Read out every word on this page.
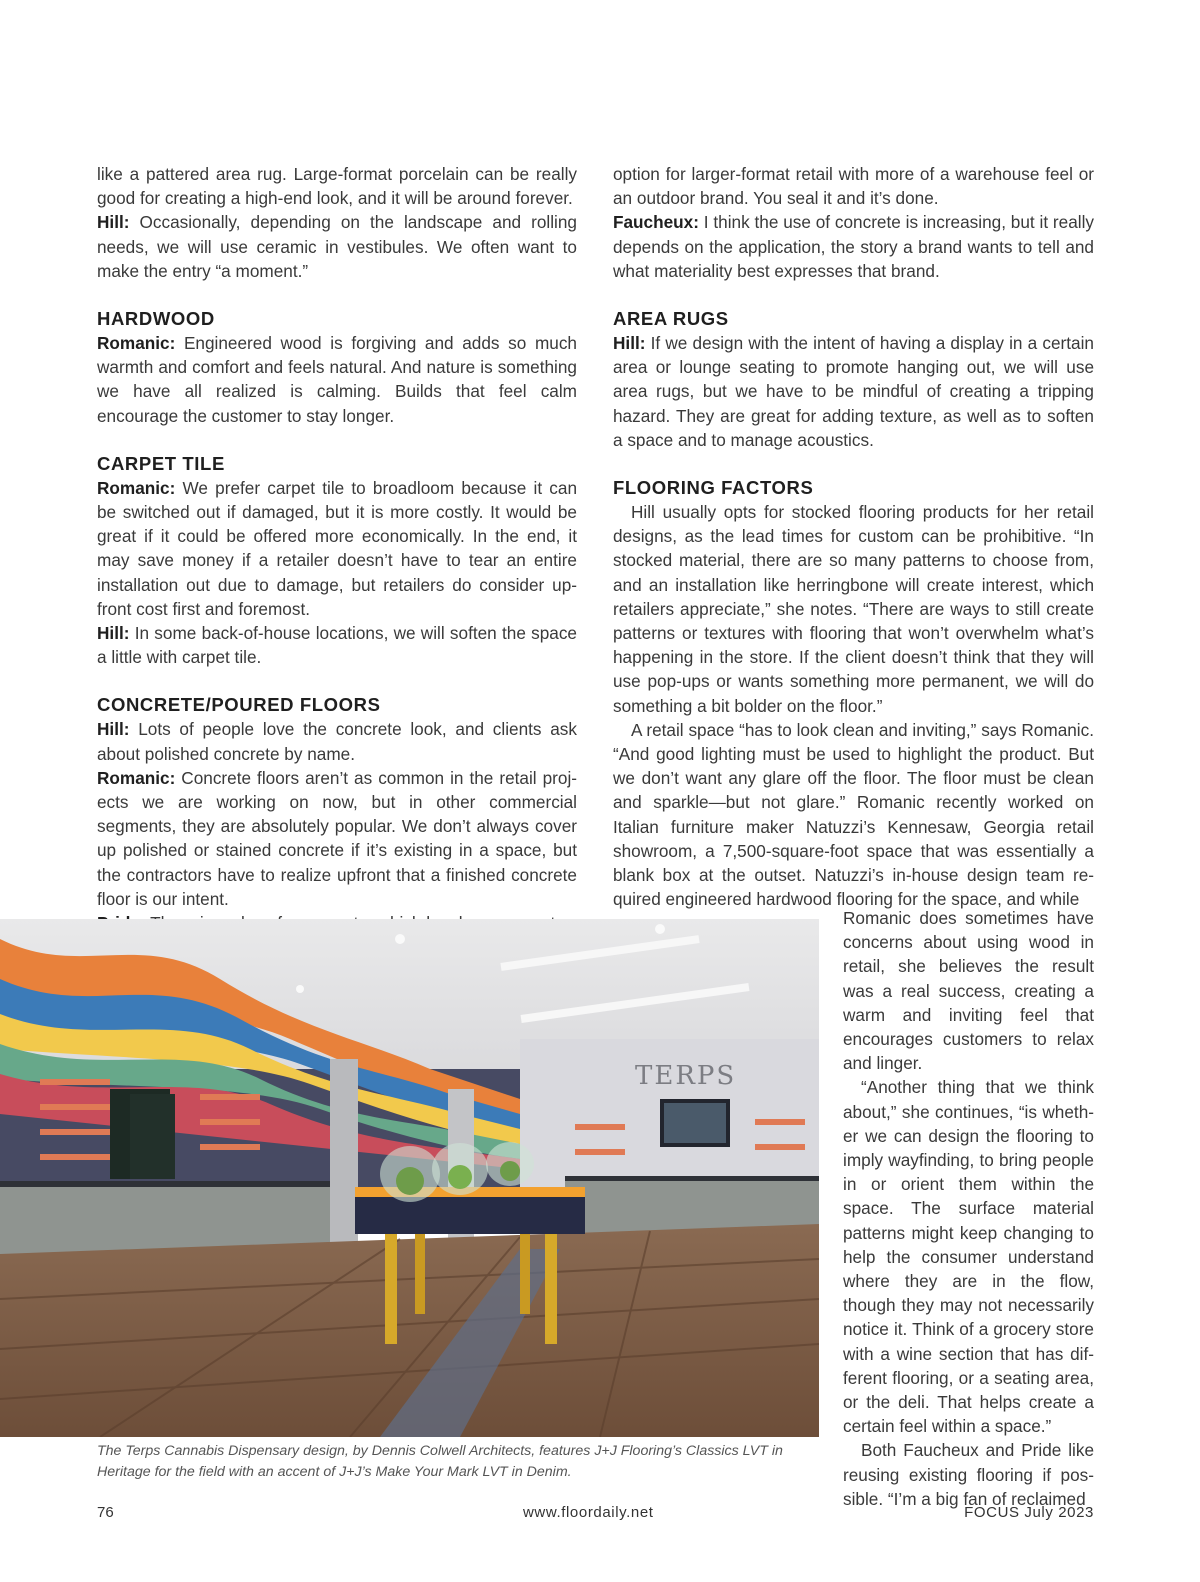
like a pattered area rug. Large-format porcelain can be really good for creating a high-end look, and it will be around forever.

Hill: Occasionally, depending on the landscape and rolling needs, we will use ceramic in vestibules. We often want to make the entry “a moment.”

HARDWOOD

Romanic: Engineered wood is forgiving and adds so much warmth and comfort and feels natural. And nature is something we have all realized is calming. Builds that feel calm encourage the customer to stay longer.

CARPET TILE

Romanic: We prefer carpet tile to broadloom because it can be switched out if damaged, but it is more costly. It would be great if it could be offered more economically. In the end, it may save money if a retailer doesn’t have to tear an entire installation out due to damage, but retailers do consider upfront cost first and foremost.

Hill: In some back-of-house locations, we will soften the space a little with carpet tile.

CONCRETE/POURED FLOORS

Hill: Lots of people love the concrete look, and clients ask about polished concrete by name.

Romanic: Concrete floors aren’t as common in the retail projects we are working on now, but in other commercial segments, they are absolutely popular. We don’t always cover up polished or stained concrete if it’s existing in a space, but the contractors have to realize upfront that a finished concrete floor is our intent.

option for larger-format retail with more of a warehouse feel or an outdoor brand. You seal it and it’s done.

Faucheux: I think the use of concrete is increasing, but it really depends on the application, the story a brand wants to tell and what materiality best expresses that brand.

AREA RUGS

Hill: If we design with the intent of having a display in a certain area or lounge seating to promote hanging out, we will use area rugs, but we have to be mindful of creating a tripping hazard. They are great for adding texture, as well as to soften a space and to manage acoustics.

FLOORING FACTORS

Hill usually opts for stocked flooring products for her retail designs, as the lead times for custom can be prohibitive. “In stocked material, there are so many patterns to choose from, and an installation like herringbone will create interest, which retailers appreciate,” she notes. “There are ways to still create patterns or textures with flooring that won’t overwhelm what’s happening in the store. If the client doesn’t think that they will use pop-ups or wants something more permanent, we will do something a bit bolder on the floor.”

A retail space “has to look clean and inviting,” says Romanic. “And good lighting must be used to highlight the product. But we don’t want any glare off the floor. The floor must be clean and sparkle—but not glare.” Romanic recently worked on Italian furniture maker Natuzzi’s Kennesaw, Georgia retail showroom, a 7,500-square-foot space that was essentially a blank box at the outset. Natuzzi’s in-house design team required engineered hardwood flooring for the space, and while

Romanic does sometimes have concerns about using wood in retail, she believes the result was a real success, creating a warm and inviting feel that encourages customers to relax and linger.

“Another thing that we think about,” she continues, “is whether we can design the flooring to imply wayfinding, to bring people in or orient them within the space. The surface material patterns might keep changing to help the consumer understand where they are in the flow, though they may not necessarily notice it. Think of a grocery store with a wine section that has different flooring, or a seating area, or the deli. That helps create a certain feel within a space.”

Both Faucheux and Pride like reusing existing flooring if possible. “I’m a big fan of reclaimed

TERPS

The Terps Cannabis Dispensary design, by Dennis Colwell Architects, features J+J Flooring’s Classics LVT in Heritage for the field with an accent of J+J’s Make Your Mark LVT in Denim.

76	www.floordaily.net	FOCUS July 2023
